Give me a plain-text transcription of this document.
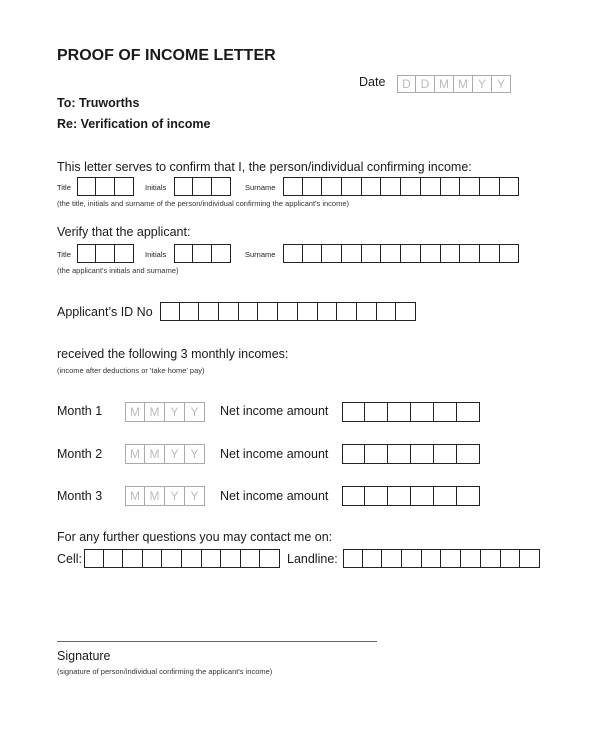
PROOF OF INCOME LETTER
Date	D D M M Y Y
To: Truworths
Re: Verification of income
This letter serves to confirm that I, the person/individual confirming income:
Title	Initials	Surname
(the title, initials and surname of the person/individual confirming the applicant's income)
Verify that the applicant:
Title	Initials	Surname
(the applicant's initials and surname)
Applicant’s ID No
received the following 3 monthly incomes:
(income after deductions or 'take home' pay)
Month 1	M M Y Y	Net income amount
Month 2	M M Y Y	Net income amount
Month 3	M M Y Y	Net income amount
For any further questions you may contact me on:
Cell:	Landline:
Signature
(signature of person/individual confirming the applicant's income)
